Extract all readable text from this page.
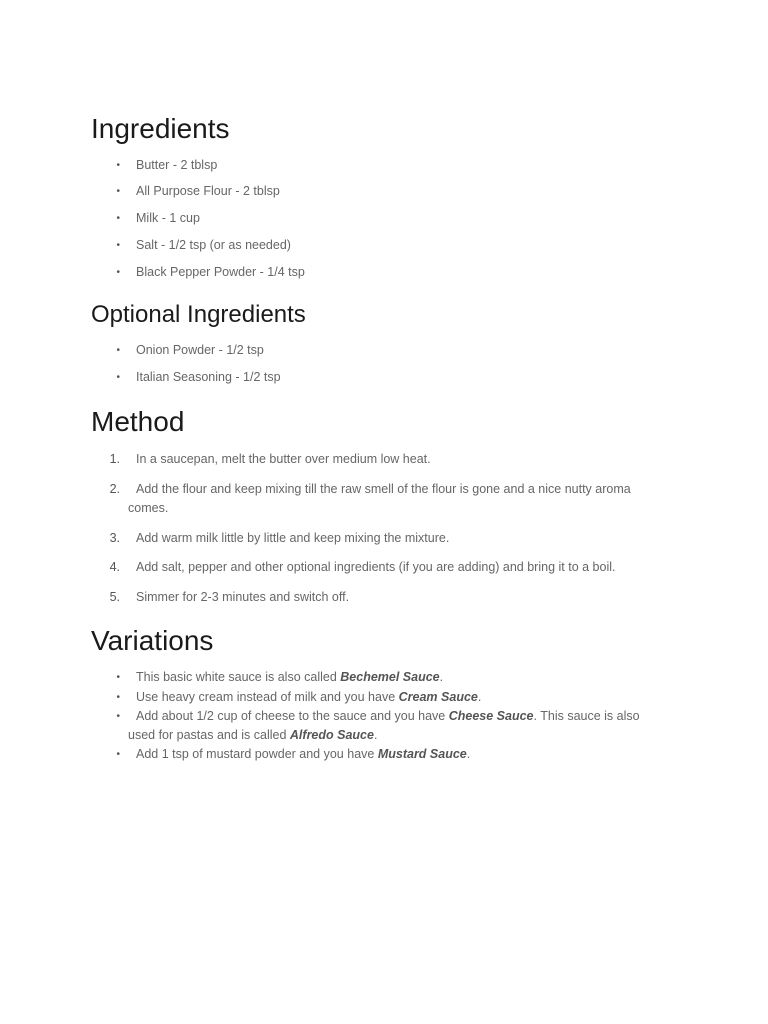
Ingredients
•	Butter - 2 tblsp
•	All Purpose Flour - 2 tblsp
•	Milk - 1 cup
•	Salt - 1/2 tsp (or as needed)
•	Black Pepper Powder - 1/4 tsp
Optional Ingredients
•	Onion Powder - 1/2 tsp
•	Italian Seasoning - 1/2 tsp
Method
1.	In a saucepan, melt the butter over medium low heat.
2.	Add the flour and keep mixing till the raw smell of the flour is gone and a nice nutty aroma comes.
3.	Add warm milk little by little and keep mixing the mixture.
4.	Add salt, pepper and other optional ingredients (if you are adding) and bring it to a boil.
5.	Simmer for 2-3 minutes and switch off.
Variations
•	This basic white sauce is also called Bechemel Sauce.
•	Use heavy cream instead of milk and you have Cream Sauce.
•	Add about 1/2 cup of cheese to the sauce and you have Cheese Sauce. This sauce is also used for pastas and is called Alfredo Sauce.
•	Add 1 tsp of mustard powder and you have Mustard Sauce.
